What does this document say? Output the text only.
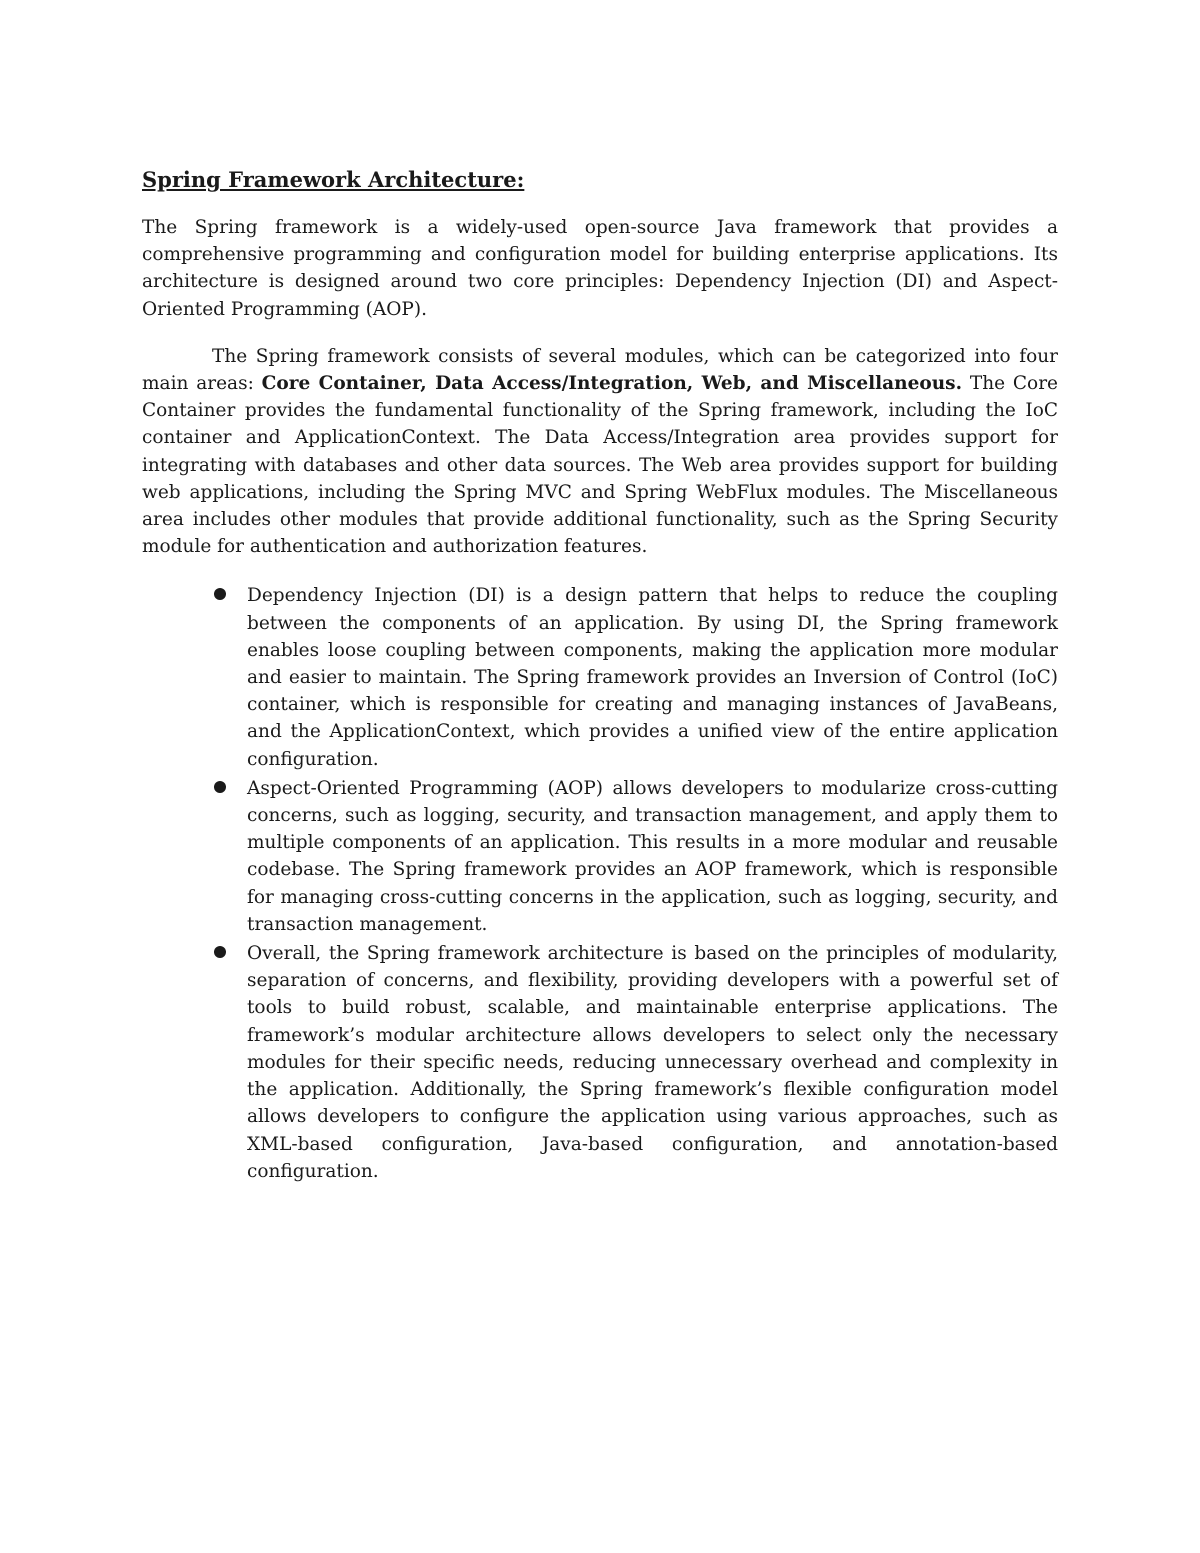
Spring Framework Architecture:

The Spring framework is a widely-used open-source Java framework that provides a comprehensive programming and configuration model for building enterprise applications. Its architecture is designed around two core principles: Dependency Injection (DI) and Aspect-Oriented Programming (AOP).

The Spring framework consists of several modules, which can be categorized into four main areas: Core Container, Data Access/Integration, Web, and Miscellaneous. The Core Container provides the fundamental functionality of the Spring framework, including the IoC container and ApplicationContext. The Data Access/Integration area provides support for integrating with databases and other data sources. The Web area provides support for building web applications, including the Spring MVC and Spring WebFlux modules. The Miscellaneous area includes other modules that provide additional functionality, such as the Spring Security module for authentication and authorization features.

Dependency Injection (DI) is a design pattern that helps to reduce the coupling between the components of an application. By using DI, the Spring framework enables loose coupling between components, making the application more modular and easier to maintain. The Spring framework provides an Inversion of Control (IoC) container, which is responsible for creating and managing instances of JavaBeans, and the ApplicationContext, which provides a unified view of the entire application configuration.
Aspect-Oriented Programming (AOP) allows developers to modularize cross-cutting concerns, such as logging, security, and transaction management, and apply them to multiple components of an application. This results in a more modular and reusable codebase. The Spring framework provides an AOP framework, which is responsible for managing cross-cutting concerns in the application, such as logging, security, and transaction management.
Overall, the Spring framework architecture is based on the principles of modularity, separation of concerns, and flexibility, providing developers with a powerful set of tools to build robust, scalable, and maintainable enterprise applications. The framework’s modular architecture allows developers to select only the necessary modules for their specific needs, reducing unnecessary overhead and complexity in the application. Additionally, the Spring framework’s flexible configuration model allows developers to configure the application using various approaches, such as XML-based configuration, Java-based configuration, and annotation-based configuration.
